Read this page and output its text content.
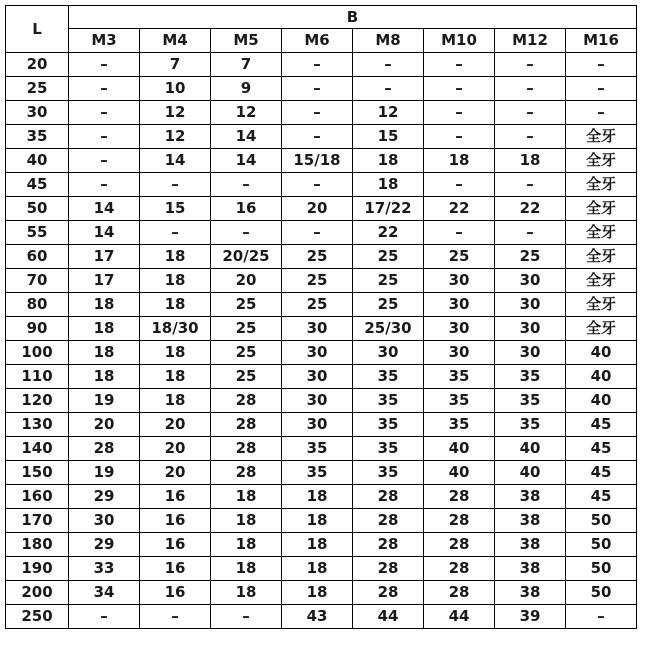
L	B							
	M3	M4	M5	M6	M8	M10	M12	M16
20	–	7	7	–	–	–	–	–
25	–	10	9	–	–	–	–	–
30	–	12	12	–	12	–	–	–
35	–	12	14	–	15	–	–	全牙
40	–	14	14	15/18	18	18	18	全牙
45	–	–	–	–	18	–	–	全牙
50	14	15	16	20	17/22	22	22	全牙
55	14	–	–	–	22	–	–	全牙
60	17	18	20/25	25	25	25	25	全牙
70	17	18	20	25	25	30	30	全牙
80	18	18	25	25	25	30	30	全牙
90	18	18/30	25	30	25/30	30	30	全牙
100	18	18	25	30	30	30	30	40
110	18	18	25	30	35	35	35	40
120	19	18	28	30	35	35	35	40
130	20	20	28	30	35	35	35	45
140	28	20	28	35	35	40	40	45
150	19	20	28	35	35	40	40	45
160	29	16	18	18	28	28	38	45
170	30	16	18	18	28	28	38	50
180	29	16	18	18	28	28	38	50
190	33	16	18	18	28	28	38	50
200	34	16	18	18	28	28	38	50
250	–	–	–	43	44	44	39	–
